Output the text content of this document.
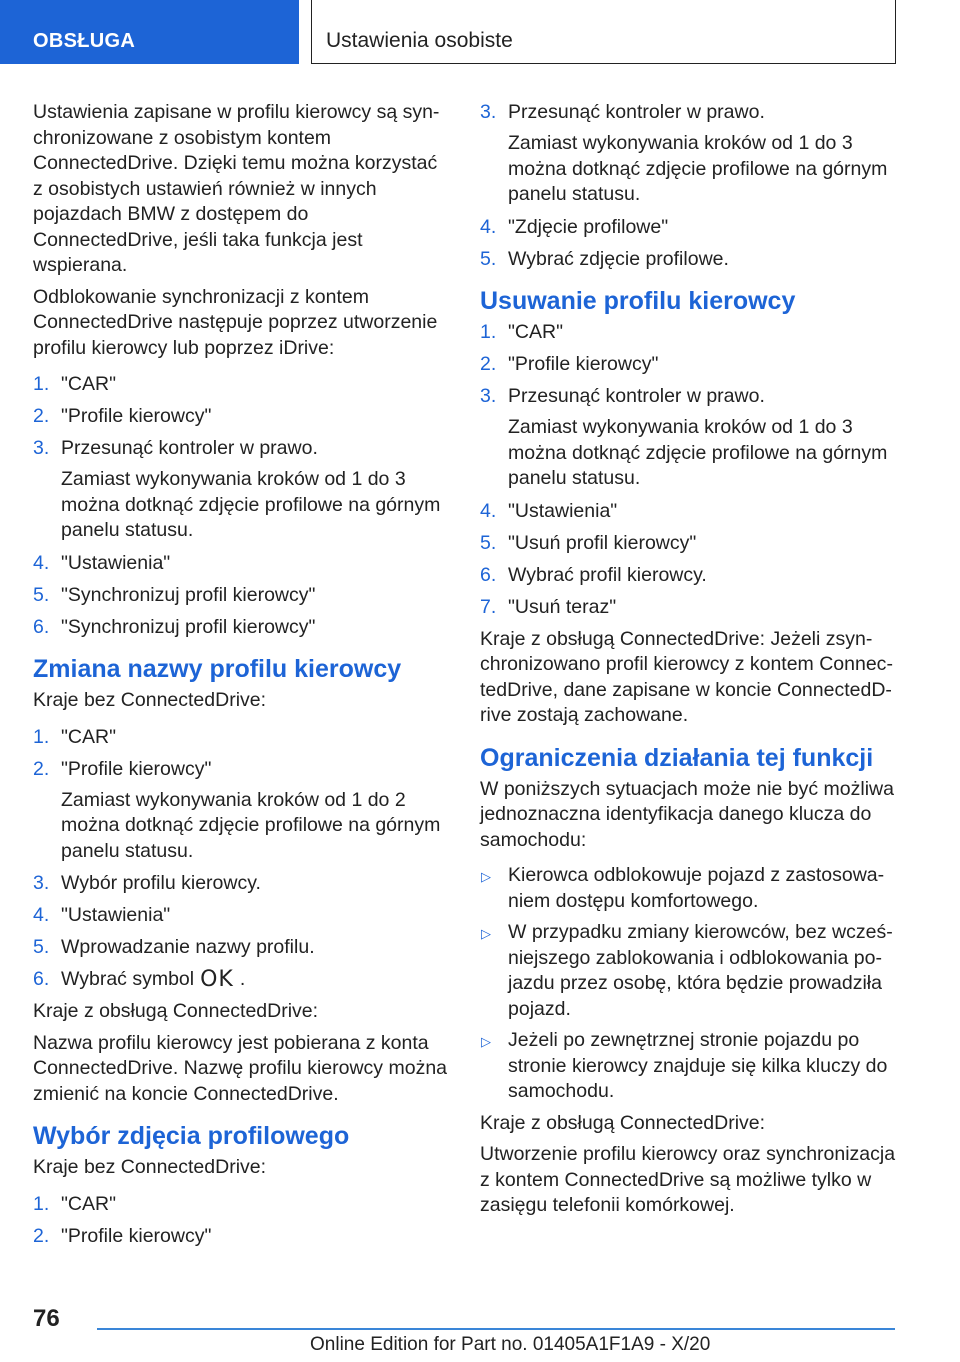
OBSŁUGA	Ustawienia osobiste

Ustawienia zapisane w profilu kierowcy są synchronizowane z osobistym kontem ConnectedDrive. Dzięki temu można korzystać z osobistych ustawień również w innych pojazdach BMW z dostępem do ConnectedDrive, jeśli taka funkcja jest wspierana.

Odblokowanie synchronizacji z kontem ConnectedDrive następuje poprzez utworzenie profilu kierowcy lub poprzez iDrive:

1. "CAR"
2. "Profile kierowcy"
3. Przesunąć kontroler w prawo.
Zamiast wykonywania kroków od 1 do 3 można dotknąć zdjęcie profilowe na górnym panelu statusu.
4. "Ustawienia"
5. "Synchronizuj profil kierowcy"
6. "Synchronizuj profil kierowcy"
Zmiana nazwy profilu kierowcy

Kraje bez ConnectedDrive:

1. "CAR"
2. "Profile kierowcy"
Zamiast wykonywania kroków od 1 do 2 można dotknąć zdjęcie profilowe na górnym panelu statusu.
3. Wybór profilu kierowcy.
4. "Ustawienia"
5. Wprowadzanie nazwy profilu.
6. Wybrać symbol OK .

Kraje z obsługą ConnectedDrive:

Nazwa profilu kierowcy jest pobierana z konta ConnectedDrive. Nazwę profilu kierowcy można zmienić na koncie ConnectedDrive.

Wybór zdjęcia profilowego

Kraje bez ConnectedDrive:

1. "CAR"
2. "Profile kierowcy"
3. Przesunąć kontroler w prawo.
Zamiast wykonywania kroków od 1 do 3 można dotknąć zdjęcie profilowe na górnym panelu statusu.
4. "Zdjęcie profilowe"
5. Wybrać zdjęcie profilowe.
Usuwanie profilu kierowcy
1. "CAR"
2. "Profile kierowcy"
3. Przesunąć kontroler w prawo.
Zamiast wykonywania kroków od 1 do 3 można dotknąć zdjęcie profilowe na górnym panelu statusu.
4. "Ustawienia"
5. "Usuń profil kierowcy"
6. Wybrać profil kierowcy.
7. "Usuń teraz"

Kraje z obsługą ConnectedDrive: Jeżeli zsynchronizowano profil kierowcy z kontem ConnectedDrive, dane zapisane w koncie ConnectedDrive zostają zachowane.

Ograniczenia działania tej funkcji

W poniższych sytuacjach może nie być możliwa jednoznaczna identyfikacja danego klucza do samochodu:

▷ Kierowca odblokowuje pojazd z zastosowaniem dostępu komfortowego.
▷ W przypadku zmiany kierowców, bez wcześniejszego zablokowania i odblokowania pojazdu przez osobę, która będzie prowadziła pojazd.
▷ Jeżeli po zewnętrznej stronie pojazdu po stronie kierowcy znajduje się kilka kluczy do samochodu.

Kraje z obsługą ConnectedDrive:

Utworzenie profilu kierowcy oraz synchronizacja z kontem ConnectedDrive są możliwe tylko w zasięgu telefonii komórkowej.

76
Online Edition for Part no. 01405A1F1A9 - X/20
